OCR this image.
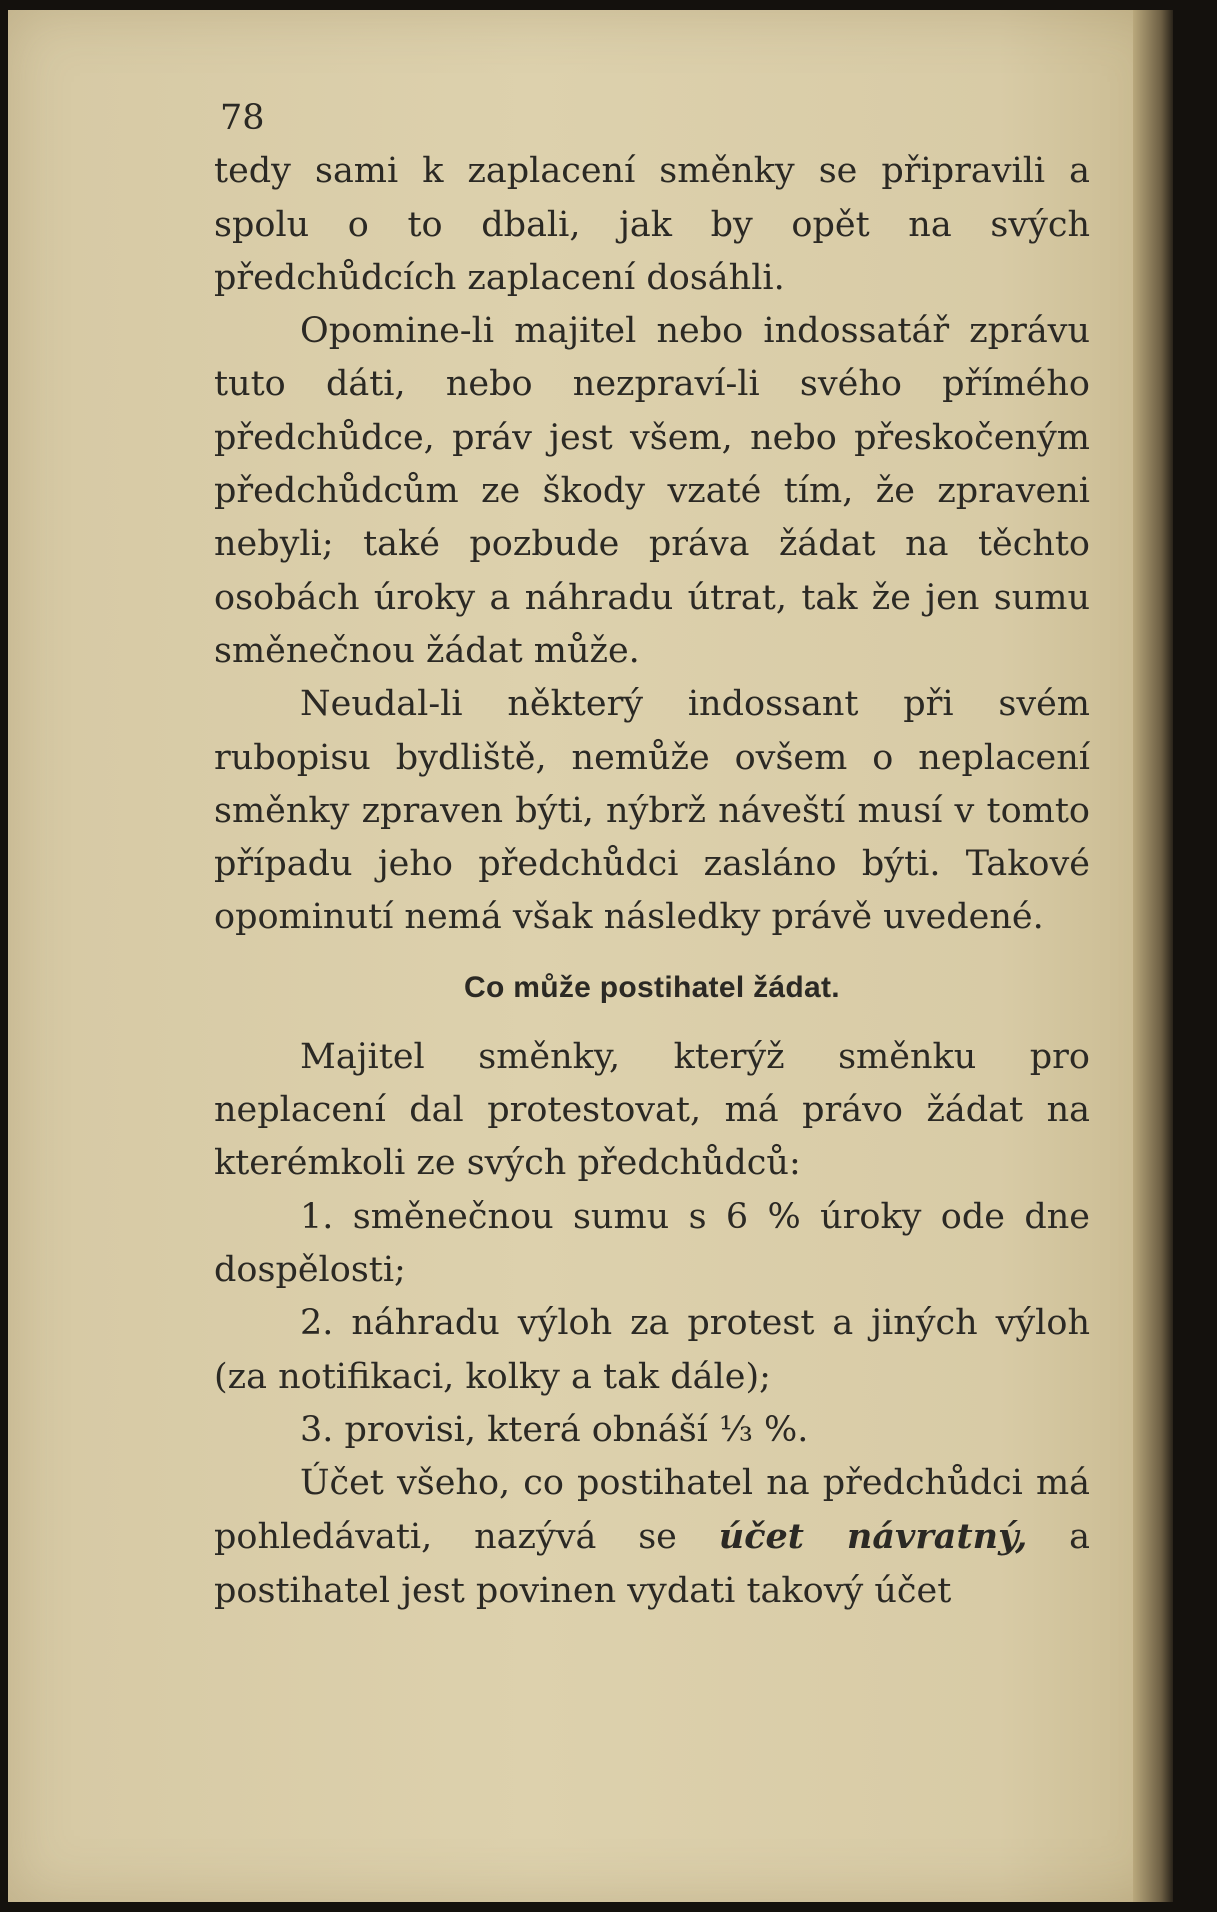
78

tedy sami k zaplacení směnky se připravili a spolu o to dbali, jak by opět na svých předchůdcích zaplacení dosáhli.

Opomine-li majitel nebo indossatář zprávu tuto dáti, nebo nezpraví-li svého přímého předchůdce, práv jest všem, nebo přeskočeným předchůdcům ze škody vzaté tím, že zpraveni nebyli; také pozbude práva žádat na těchto osobách úroky a náhradu útrat, tak že jen sumu směnečnou žádat může.

Neudal-li některý indossant při svém rubopisu bydliště, nemůže ovšem o neplacení směnky zpraven býti, nýbrž náveští musí v tomto případu jeho předchůdci zasláno býti. Takové opominutí nemá však následky právě uvedené.

Co může postihatel žádat.

Majitel směnky, kterýž směnku pro neplacení dal protestovat, má právo žádat na kterémkoli ze svých předchůdců:

1. směnečnou sumu s 6 % úroky ode dne dospělosti;

2. náhradu výloh za protest a jiných výloh (za notifikaci, kolky a tak dále);

3. provisi, která obnáší ⅓ %.

Účet všeho, co postihatel na předchůdci má pohledávati, nazývá se účet návratný, a postihatel jest povinen vydati takový účet
